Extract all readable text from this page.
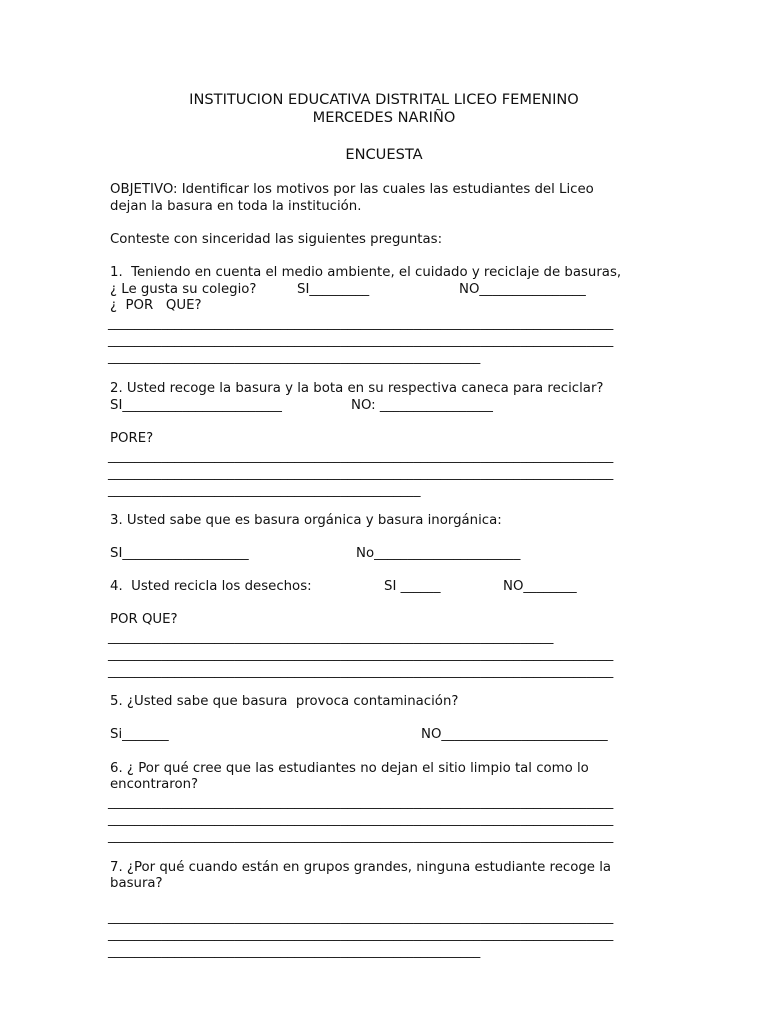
INSTITUCION EDUCATIVA DISTRITAL LICEO FEMENINO
MERCEDES NARIÑO
ENCUESTA
OBJETIVO: Identificar los motivos por las cuales las estudiantes del Liceo
dejan la basura en toda la institución.
Conteste con sinceridad las siguientes preguntas:
1.  Teniendo en cuenta el medio ambiente, el cuidado y reciclaje de basuras,
¿ Le gusta su colegio?	SI_________	NO________________
¿  POR   QUE?
____________________________________________________________________________
____________________________________________________________________________
________________________________________________________
2. Usted recoge la basura y la bota en su respectiva caneca para reciclar?
SI________________________	NO: _________________
PORE?
____________________________________________________________________________
____________________________________________________________________________
_______________________________________________
3. Usted sabe que es basura orgánica y basura inorgánica:
SI___________________	No______________________
4.  Usted recicla los desechos:	SI ______	NO________
POR QUE?
___________________________________________________________________
____________________________________________________________________________
____________________________________________________________________________
5. ¿Usted sabe que basura  provoca contaminación?
Si_______	NO_________________________
6. ¿ Por qué cree que las estudiantes no dejan el sitio limpio tal como lo
encontraron?
____________________________________________________________________________
____________________________________________________________________________
____________________________________________________________________________
7. ¿Por qué cuando están en grupos grandes, ninguna estudiante recoge la
basura?
____________________________________________________________________________
____________________________________________________________________________
________________________________________________________
